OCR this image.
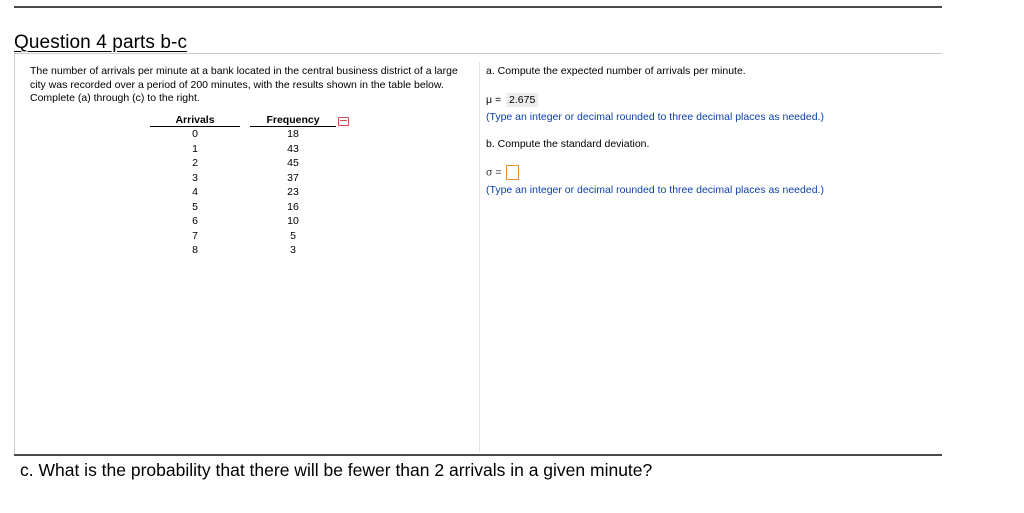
Question 4 parts b-c
The number of arrivals per minute at a bank located in the central business district of a large city was recorded over a period of 200 minutes, with the results shown in the table below. Complete (a) through (c) to the right.
Arrivals	Frequency
0	18
1	43
2	45
3	37
4	23
5	16
6	10
7	5
8	3
a. Compute the expected number of arrivals per minute.
μ = 2.675
(Type an integer or decimal rounded to three decimal places as needed.)
b. Compute the standard deviation.
σ =
(Type an integer or decimal rounded to three decimal places as needed.)
c. What is the probability that there will be fewer than 2 arrivals in a given minute?
